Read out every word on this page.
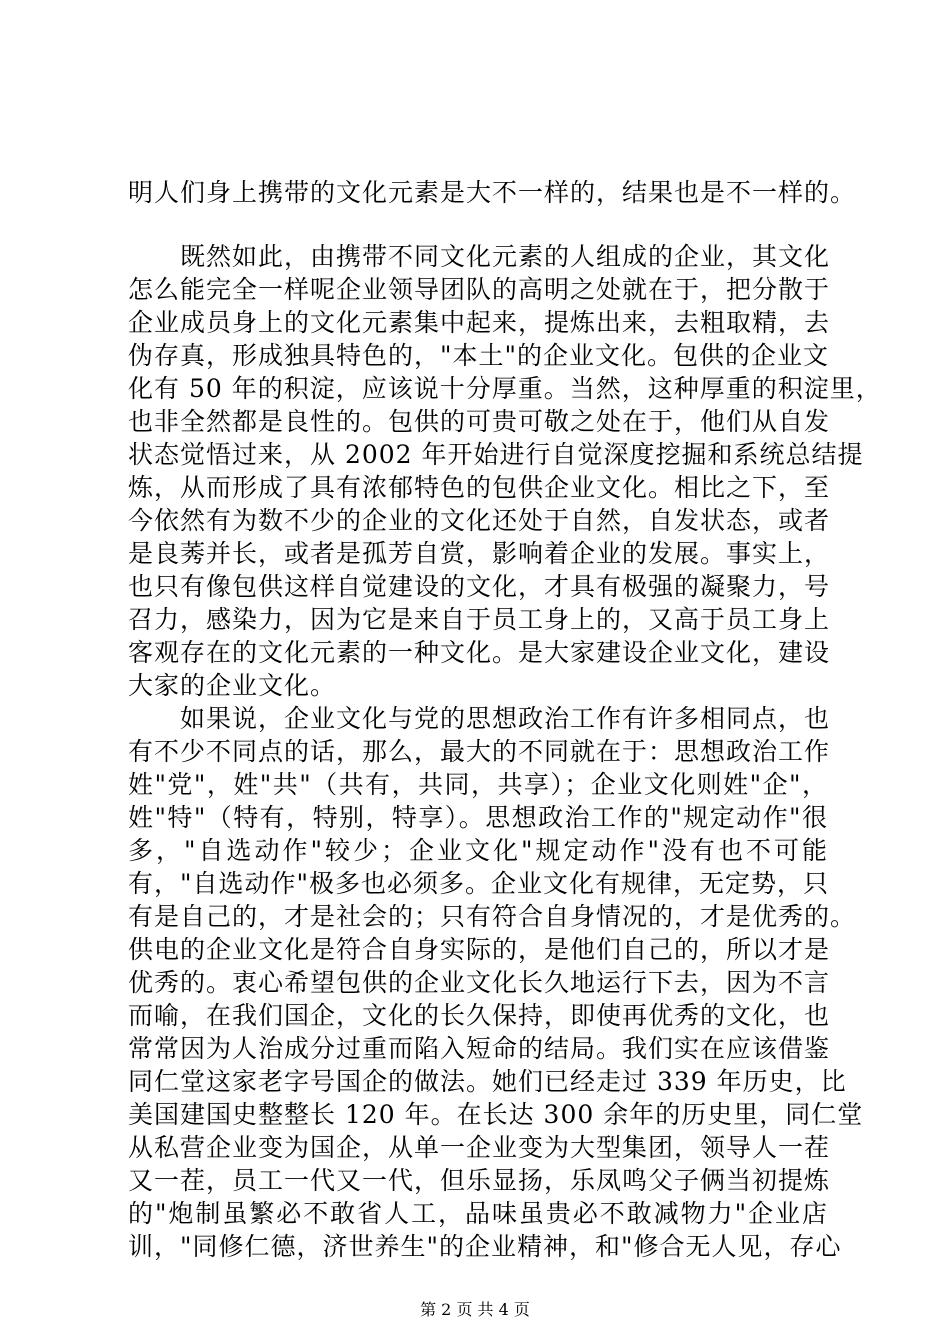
明人们身上携带的文化元素是大不一样的，结果也是不一样的。
　　既然如此，由携带不同文化元素的人组成的企业，其文化
怎么能完全一样呢企业领导团队的高明之处就在于，把分散于
企业成员身上的文化元素集中起来，提炼出来，去粗取精，去
伪存真，形成独具特色的，"本土"的企业文化。包供的企业文
化有 50 年的积淀，应该说十分厚重。当然，这种厚重的积淀里，
也非全然都是良性的。包供的可贵可敬之处在于，他们从自发
状态觉悟过来，从 2002 年开始进行自觉深度挖掘和系统总结提
炼，从而形成了具有浓郁特色的包供企业文化。相比之下，至
今依然有为数不少的企业的文化还处于自然，自发状态，或者
是良莠并长，或者是孤芳自赏，影响着企业的发展。事实上，
也只有像包供这样自觉建设的文化，才具有极强的凝聚力，号
召力，感染力，因为它是来自于员工身上的，又高于员工身上
客观存在的文化元素的一种文化。是大家建设企业文化，建设
大家的企业文化。
　　如果说，企业文化与党的思想政治工作有许多相同点，也
有不少不同点的话，那么，最大的不同就在于：思想政治工作
姓"党"，姓"共"（共有，共同，共享）；企业文化则姓"企"，
姓"特"（特有，特别，特享）。思想政治工作的"规定动作"很
多，"自选动作"较少；企业文化"规定动作"没有也不可能
有，"自选动作"极多也必须多。企业文化有规律，无定势，只
有是自己的，才是社会的；只有符合自身情况的，才是优秀的。
供电的企业文化是符合自身实际的，是他们自己的，所以才是
优秀的。衷心希望包供的企业文化长久地运行下去，因为不言
而喻，在我们国企，文化的长久保持，即使再优秀的文化，也
常常因为人治成分过重而陷入短命的结局。我们实在应该借鉴
同仁堂这家老字号国企的做法。她们已经走过 339 年历史，比
美国建国史整整长 120 年。在长达 300 余年的历史里，同仁堂
从私营企业变为国企，从单一企业变为大型集团，领导人一茬
又一茬，员工一代又一代，但乐显扬，乐凤鸣父子俩当初提炼
的"炮制虽繁必不敢省人工，品味虽贵必不敢减物力"企业店
训，"同修仁德，济世养生"的企业精神，和"修合无人见，存心
第 2 页 共 4 页
